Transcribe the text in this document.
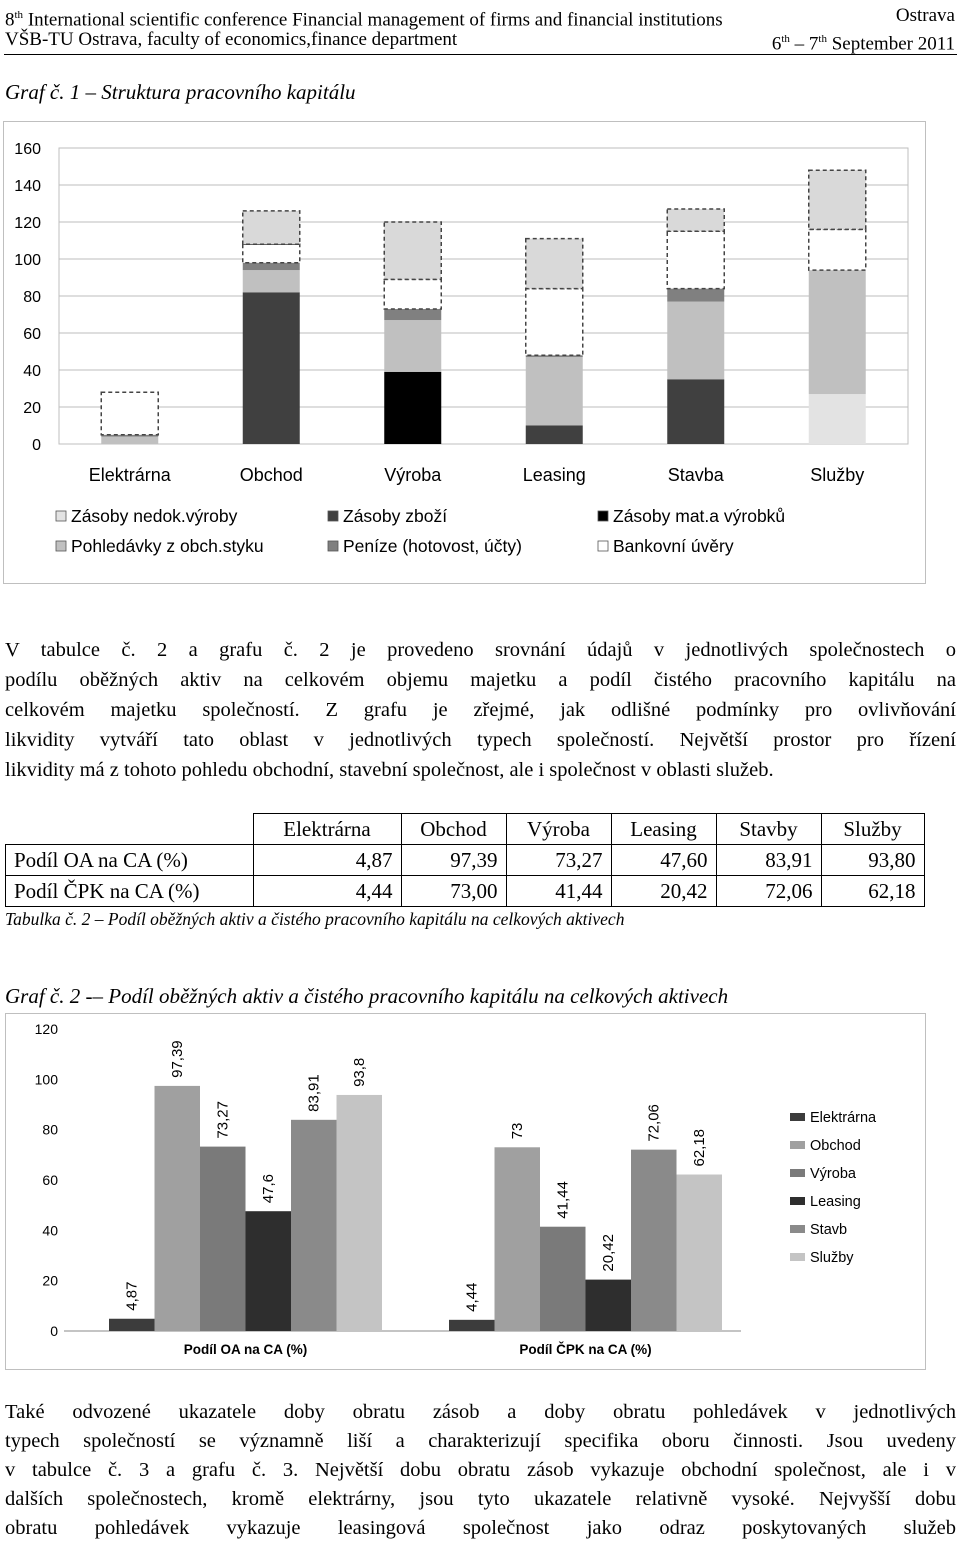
8th International scientific conference Financial management of firms and financial institutions	Ostrava
VŠB-TU Ostrava, faculty of economics,finance department	6th – 7th September 2011
Graf č. 1 – Struktura pracovního kapitálu
0
20
40
60
80
100
120
140
160
Elektrárna	Obchod	Výroba	Leasing	Stavba	Služby
Zásoby nedok.výroby	Zásoby zboží	Zásoby mat.a výrobků
Pohledávky z obch.styku	Peníze (hotovost, účty)	Bankovní úvěry
V tabulce č. 2 a grafu č. 2 je provedeno srovnání údajů v jednotlivých společnostech o
podílu oběžných aktiv na celkovém objemu majetku a podíl čistého pracovního kapitálu na
celkovém majetku společností. Z grafu je zřejmé, jak odlišné podmínky pro ovlivňování
likvidity vytváří tato oblast v jednotlivých typech společností. Největší prostor pro řízení
likvidity má z tohoto pohledu obchodní, stavební společnost, ale i společnost v oblasti služeb.
	Elektrárna	Obchod	Výroba	Leasing	Stavby	Služby
Podíl OA na CA (%)	4,87	97,39	73,27	47,60	83,91	93,80
Podíl ČPK na CA (%)	4,44	73,00	41,44	20,42	72,06	62,18
Tabulka č. 2 – Podíl oběžných aktiv a čistého pracovního kapitálu na celkových aktivech
Graf č. 2 -– Podíl oběžných aktiv a čistého pracovního kapitálu na celkových aktivech
0
20
40
60
80
100
120
4,87
97,39
73,27
47,6
83,91
93,8
Podíl OA na CA (%)
4,44
73
41,44
20,42
72,06
62,18
Podíl ČPK na CA (%)
Elektrárna
Obchod
Výroba
Leasing
Stavb
Služby
Také odvozené ukazatele doby obratu zásob a doby obratu pohledávek v jednotlivých
typech společností se významně liší a charakterizují specifika oboru činnosti. Jsou uvedeny
v tabulce č. 3 a grafu č. 3. Největší dobu obratu zásob vykazuje obchodní společnost, ale i v
dalších společnostech, kromě elektrárny, jsou tyto ukazatele relativně vysoké. Nejvyšší dobu
obratu pohledávek vykazuje leasingová společnost jako odraz poskytovaných služeb
